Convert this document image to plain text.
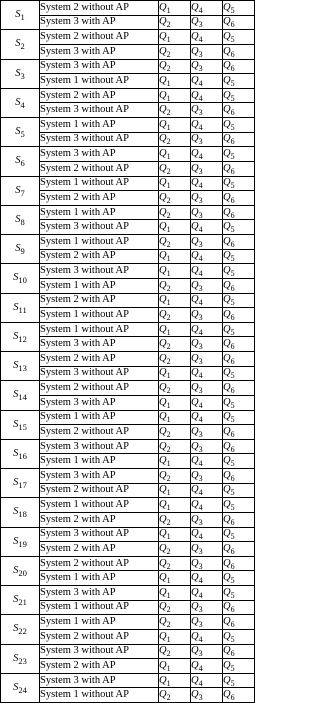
$S_1$	System 2 without AP	$Q_1$	$Q_4$	$Q_5$
	System 3 with AP	$Q_2$	$Q_3$	$Q_6$
$S_2$	System 2 without AP	$Q_1$	$Q_4$	$Q_5$
	System 3 with AP	$Q_2$	$Q_3$	$Q_6$
$S_3$	System 3 with AP	$Q_2$	$Q_3$	$Q_6$
	System 1 without AP	$Q_1$	$Q_4$	$Q_5$
$S_4$	System 2 with AP	$Q_1$	$Q_4$	$Q_5$
	System 3 without AP	$Q_2$	$Q_3$	$Q_6$
$S_5$	System 1 with AP	$Q_1$	$Q_4$	$Q_5$
	System 3 without AP	$Q_2$	$Q_3$	$Q_6$
$S_6$	System 3 with AP	$Q_1$	$Q_4$	$Q_5$
	System 2 without AP	$Q_2$	$Q_3$	$Q_6$
$S_7$	System 1 without AP	$Q_1$	$Q_4$	$Q_5$
	System 2 with AP	$Q_2$	$Q_3$	$Q_6$
$S_8$	System 1 with AP	$Q_2$	$Q_3$	$Q_6$
	System 3 without AP	$Q_1$	$Q_4$	$Q_5$
$S_9$	System 1 without AP	$Q_2$	$Q_3$	$Q_6$
	System 2 with AP	$Q_1$	$Q_4$	$Q_5$
$S_{10}$	System 3 without AP	$Q_1$	$Q_4$	$Q_5$
	System 1 with AP	$Q_2$	$Q_3$	$Q_6$
$S_{11}$	System 2 with AP	$Q_1$	$Q_4$	$Q_5$
	System 1 without AP	$Q_2$	$Q_3$	$Q_6$
$S_{12}$	System 1 without AP	$Q_1$	$Q_4$	$Q_5$
	System 3 with AP	$Q_2$	$Q_3$	$Q_6$
$S_{13}$	System 2 with AP	$Q_2$	$Q_3$	$Q_6$
	System 3 without AP	$Q_1$	$Q_4$	$Q_5$
$S_{14}$	System 2 without AP	$Q_2$	$Q_3$	$Q_6$
	System 3 with AP	$Q_1$	$Q_4$	$Q_5$
$S_{15}$	System 1 with AP	$Q_1$	$Q_4$	$Q_5$
	System 2 without AP	$Q_2$	$Q_3$	$Q_6$
$S_{16}$	System 3 without AP	$Q_2$	$Q_3$	$Q_6$
	System 1 with AP	$Q_1$	$Q_4$	$Q_5$
$S_{17}$	System 3 with AP	$Q_2$	$Q_3$	$Q_6$
	System 2 without AP	$Q_1$	$Q_4$	$Q_5$
$S_{18}$	System 1 without AP	$Q_1$	$Q_4$	$Q_5$
	System 2 with AP	$Q_2$	$Q_3$	$Q_6$
$S_{19}$	System 3 without AP	$Q_1$	$Q_4$	$Q_5$
	System 2 with AP	$Q_2$	$Q_3$	$Q_6$
$S_{20}$	System 2 without AP	$Q_2$	$Q_3$	$Q_6$
	System 1 with AP	$Q_1$	$Q_4$	$Q_5$
$S_{21}$	System 3 with AP	$Q_1$	$Q_4$	$Q_5$
	System 1 without AP	$Q_2$	$Q_3$	$Q_6$
$S_{22}$	System 1 with AP	$Q_2$	$Q_3$	$Q_6$
	System 2 without AP	$Q_1$	$Q_4$	$Q_5$
$S_{23}$	System 3 without AP	$Q_2$	$Q_3$	$Q_6$
	System 2 with AP	$Q_1$	$Q_4$	$Q_5$
$S_{24}$	System 3 with AP	$Q_1$	$Q_4$	$Q_5$
	System 1 without AP	$Q_2$	$Q_3$	$Q_6$
